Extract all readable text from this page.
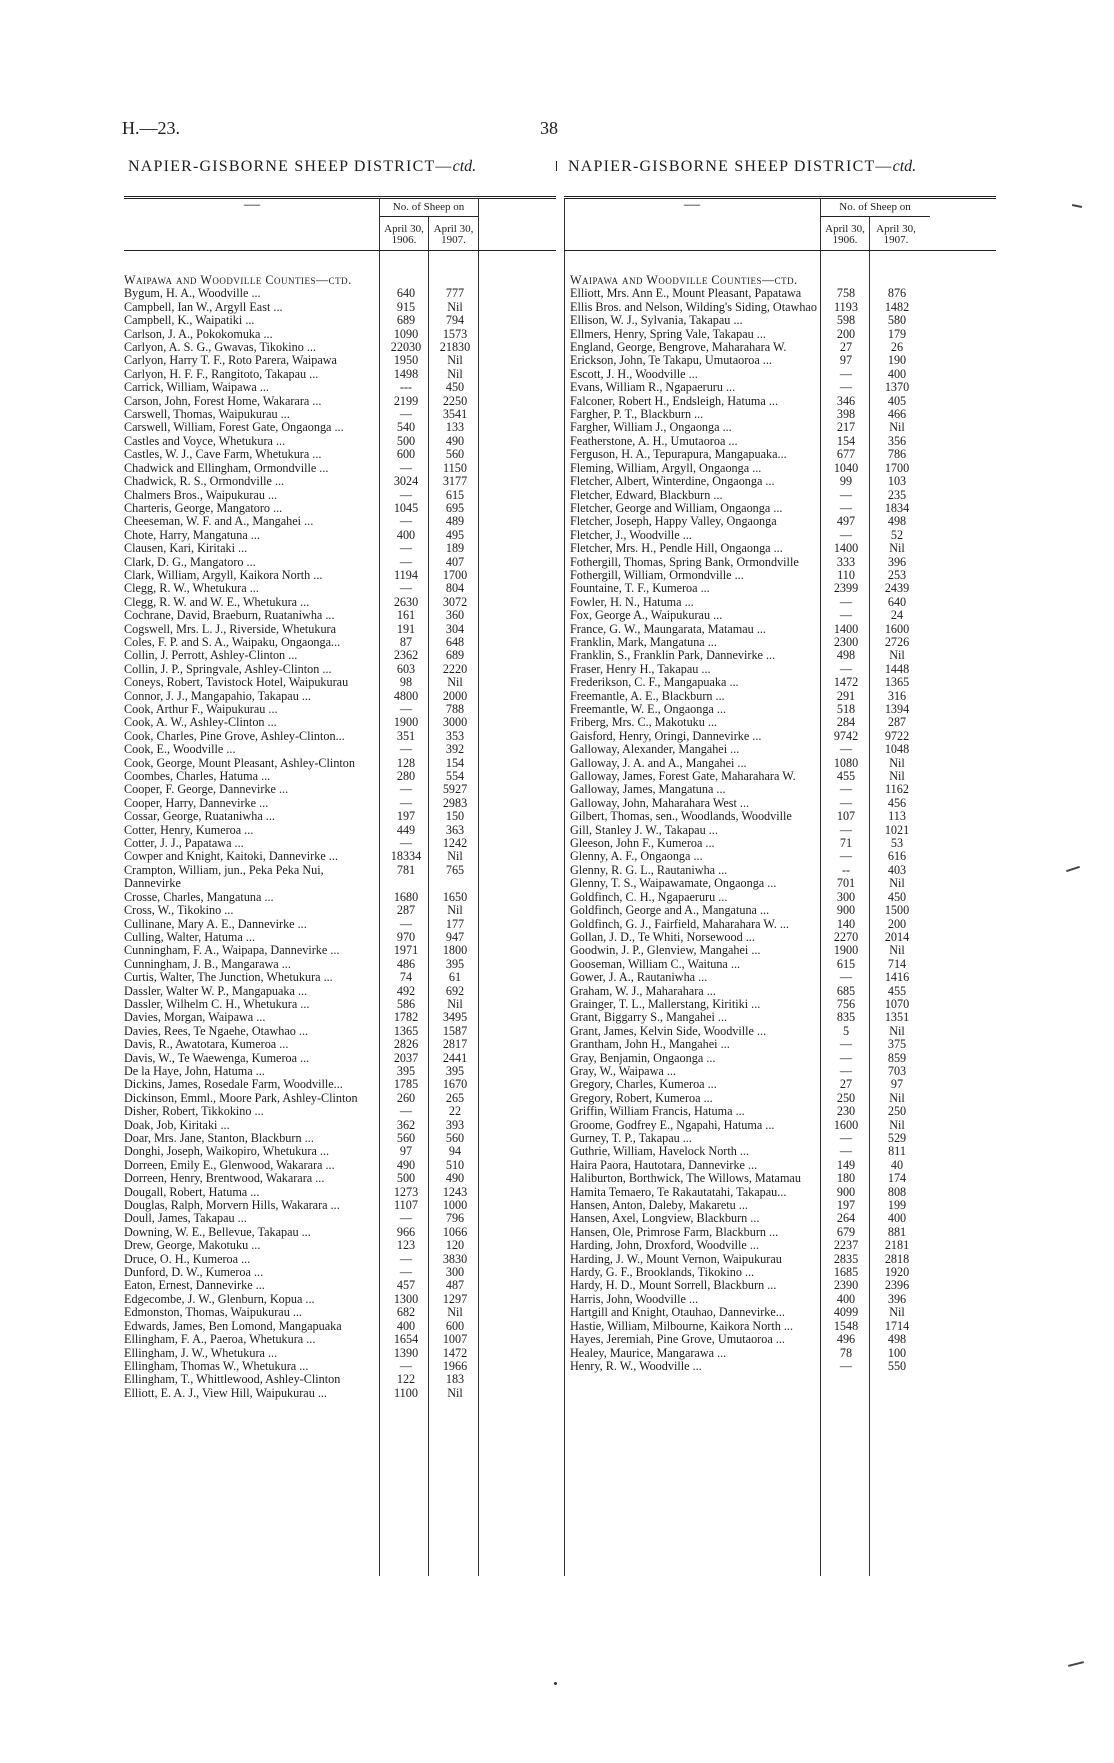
H.—23.	38
NAPIER-GISBORNE SHEEP DISTRICT—ctd.	NAPIER-GISBORNE SHEEP DISTRICT—ctd.
—	No. of Sheep on
April 30, 1906.
April 30, 1907.
Waipawa and Woodville Counties—ctd.		
Bygum, H. A., Woodville ...	640	777
Campbell, Ian W., Argyll East ...	915	Nil
Campbell, K., Waipatiki ...	689	794
Carlson, J. A., Pokokomuka ...	1090	1573
Carlyon, A. S. G., Gwavas, Tikokino ...	22030	21830
Carlyon, Harry T. F., Roto Parera, Waipawa	1950	Nil
Carlyon, H. F. F., Rangitoto, Takapau ...	1498	Nil
Carrick, William, Waipawa ...	---	450
Carson, John, Forest Home, Wakarara ...	2199	2250
Carswell, Thomas, Waipukurau ...	—	3541
Carswell, William, Forest Gate, Ongaonga ...	540	133
Castles and Voyce, Whetukura ...	500	490
Castles, W. J., Cave Farm, Whetukura ...	600	560
Chadwick and Ellingham, Ormondville ...	—	1150
Chadwick, R. S., Ormondville ...	3024	3177
Chalmers Bros., Waipukurau ...	—	615
Charteris, George, Mangatoro ...	1045	695
Cheeseman, W. F. and A., Mangahei ...	—	489
Chote, Harry, Mangatuna ...	400	495
Clausen, Kari, Kiritaki ...	—	189
Clark, D. G., Mangatoro ...	—	407
Clark, William, Argyll, Kaikora North ...	1194	1700
Clegg, R. W., Whetukura ...	—	804
Clegg, R. W. and W. E., Whetukura ...	2630	3072
Cochrane, David, Braeburn, Ruataniwha ...	161	360
Cogswell, Mrs. L. J., Riverside, Whetukura	191	304
Coles, F. P. and S. A., Waipaku, Ongaonga...	87	648
Collin, J. Perrott, Ashley-Clinton ...	2362	689
Collin, J. P., Springvale, Ashley-Clinton ...	603	2220
Coneys, Robert, Tavistock Hotel, Waipukurau	98	Nil
Connor, J. J., Mangapahio, Takapau ...	4800	2000
Cook, Arthur F., Waipukurau ...	—	788
Cook, A. W., Ashley-Clinton ...	1900	3000
Cook, Charles, Pine Grove, Ashley-Clinton...	351	353
Cook, E., Woodville ...	—	392
Cook, George, Mount Pleasant, Ashley-Clinton	128	154
Coombes, Charles, Hatuma ...	280	554
Cooper, F. George, Dannevirke ...	—	5927
Cooper, Harry, Dannevirke ...	—	2983
Cossar, George, Ruataniwha ...	197	150
Cotter, Henry, Kumeroa ...	449	363
Cotter, J. J., Papatawa ...	—	1242
Cowper and Knight, Kaitoki, Dannevirke ...	18334	Nil
Crampton, William, jun., Peka Peka Nui, Dannevirke	781	765
Crosse, Charles, Mangatuna ...	1680	1650
Cross, W., Tikokino ...	287	Nil
Cullinane, Mary A. E., Dannevirke ...	—	177
Culling, Walter, Hatuma ...	970	947
Cunningham, F. A., Waipapa, Dannevirke ...	1971	1800
Cunningham, J. B., Mangarawa ...	486	395
Curtis, Walter, The Junction, Whetukura ...	74	61
Dassler, Walter W. P., Mangapuaka ...	492	692
Dassler, Wilhelm C. H., Whetukura ...	586	Nil
Davies, Morgan, Waipawa ...	1782	3495
Davies, Rees, Te Ngaehe, Otawhao ...	1365	1587
Davis, R., Awatotara, Kumeroa ...	2826	2817
Davis, W., Te Waewenga, Kumeroa ...	2037	2441
De la Haye, John, Hatuma ...	395	395
Dickins, James, Rosedale Farm, Woodville...	1785	1670
Dickinson, Emml., Moore Park, Ashley-Clinton	260	265
Disher, Robert, Tikkokino ...	—	22
Doak, Job, Kiritaki ...	362	393
Doar, Mrs. Jane, Stanton, Blackburn ...	560	560
Donghi, Joseph, Waikopiro, Whetukura ...	97	94
Dorreen, Emily E., Glenwood, Wakarara ...	490	510
Dorreen, Henry, Brentwood, Wakarara ...	500	490
Dougall, Robert, Hatuma ...	1273	1243
Douglas, Ralph, Morvern Hills, Wakarara ...	1107	1000
Doull, James, Takapau ...	—	796
Downing, W. E., Bellevue, Takapau ...	966	1066
Drew, George, Makotuku ...	123	120
Druce, O. H., Kumeroa ...	—	3830
Dunford, D. W., Kumeroa ...	—	300
Eaton, Ernest, Dannevirke ...	457	487
Edgecombe, J. W., Glenburn, Kopua ...	1300	1297
Edmonston, Thomas, Waipukurau ...	682	Nil
Edwards, James, Ben Lomond, Mangapuaka	400	600
Ellingham, F. A., Paeroa, Whetukura ...	1654	1007
Ellingham, J. W., Whetukura ...	1390	1472
Ellingham, Thomas W., Whetukura ...	—	1966
Ellingham, T., Whittlewood, Ashley-Clinton	122	183
Elliott, E. A. J., View Hill, Waipukurau ...	1100	Nil
—	No. of Sheep on
April 30, 1906.
April 30, 1907.
Waipawa and Woodville Counties—ctd.		
Elliott, Mrs. Ann E., Mount Pleasant, Papatawa	758	876
Ellis Bros. and Nelson, Wilding's Siding, Otawhao	1193	1482
Ellison, W. J., Sylvania, Takapau ...	598	580
Ellmers, Henry, Spring Vale, Takapau ...	200	179
England, George, Bengrove, Maharahara W.	27	26
Erickson, John, Te Takapu, Umutaoroa ...	97	190
Escott, J. H., Woodville ...	—	400
Evans, William R., Ngapaeruru ...	—	1370
Falconer, Robert H., Endsleigh, Hatuma ...	346	405
Fargher, P. T., Blackburn ...	398	466
Fargher, William J., Ongaonga ...	217	Nil
Featherstone, A. H., Umutaoroa ...	154	356
Ferguson, H. A., Tepurapura, Mangapuaka...	677	786
Fleming, William, Argyll, Ongaonga ...	1040	1700
Fletcher, Albert, Winterdine, Ongaonga ...	99	103
Fletcher, Edward, Blackburn ...	—	235
Fletcher, George and William, Ongaonga ...	—	1834
Fletcher, Joseph, Happy Valley, Ongaonga	497	498
Fletcher, J., Woodville ...	—	52
Fletcher, Mrs. H., Pendle Hill, Ongaonga ...	1400	Nil
Fothergill, Thomas, Spring Bank, Ormondville	333	396
Fothergill, William, Ormondville ...	110	253
Fountaine, T. F., Kumeroa ...	2399	2439
Fowler, H. N., Hatuma ...	—	640
Fox, George A., Waipukurau ...	—	24
France, G. W., Maungarata, Matamau ...	1400	1600
Franklin, Mark, Mangatuna ...	2300	2726
Franklin, S., Franklin Park, Dannevirke ...	498	Nil
Fraser, Henry H., Takapau ...	—	1448
Frederikson, C. F., Mangapuaka ...	1472	1365
Freemantle, A. E., Blackburn ...	291	316
Freemantle, W. E., Ongaonga ...	518	1394
Friberg, Mrs. C., Makotuku ...	284	287
Gaisford, Henry, Oringi, Dannevirke ...	9742	9722
Galloway, Alexander, Mangahei ...	—	1048
Galloway, J. A. and A., Mangahei ...	1080	Nil
Galloway, James, Forest Gate, Maharahara W.	455	Nil
Galloway, James, Mangatuna ...	—	1162
Galloway, John, Maharahara West ...	—	456
Gilbert, Thomas, sen., Woodlands, Woodville	107	113
Gill, Stanley J. W., Takapau ...	—	1021
Gleeson, John F., Kumeroa ...	71	53
Glenny, A. F., Ongaonga ...	—	616
Glenny, R. G. L., Rautaniwha ...	--	403
Glenny, T. S., Waipawamate, Ongaonga ...	701	Nil
Goldfinch, C. H., Ngapaeruru ...	300	450
Goldfinch, George and A., Mangatuna ...	900	1500
Goldfinch, G. J., Fairfield, Maharahara W. ...	140	200
Gollan, J. D., Te Whiti, Norsewood ...	2270	2014
Goodwin, J. P., Glenview, Mangahei ...	1900	Nil
Gooseman, William C., Waituna ...	615	714
Gower, J. A., Rautaniwha ...	—	1416
Graham, W. J., Maharahara ...	685	455
Grainger, T. L., Mallerstang, Kiritiki ...	756	1070
Grant, Biggarry S., Mangahei ...	835	1351
Grant, James, Kelvin Side, Woodville ...	5	Nil
Grantham, John H., Mangahei ...	—	375
Gray, Benjamin, Ongaonga ...	—	859
Gray, W., Waipawa ...	—	703
Gregory, Charles, Kumeroa ...	27	97
Gregory, Robert, Kumeroa ...	250	Nil
Griffin, William Francis, Hatuma ...	230	250
Groome, Godfrey E., Ngapahi, Hatuma ...	1600	Nil
Gurney, T. P., Takapau ...	—	529
Guthrie, William, Havelock North ...	—	811
Haira Paora, Hautotara, Dannevirke ...	149	40
Haliburton, Borthwick, The Willows, Matamau	180	174
Hamita Temaero, Te Rakautatahi, Takapau...	900	808
Hansen, Anton, Daleby, Makaretu ...	197	199
Hansen, Axel, Longview, Blackburn ...	264	400
Hansen, Ole, Primrose Farm, Blackburn ...	679	881
Harding, John, Droxford, Woodville ...	2237	2181
Harding, J. W., Mount Vernon, Waipukurau	2835	2818
Hardy, G. F., Brooklands, Tikokino ...	1685	1920
Hardy, H. D., Mount Sorrell, Blackburn ...	2390	2396
Harris, John, Woodville ...	400	396
Hartgill and Knight, Otauhao, Dannevirke...	4099	Nil
Hastie, William, Milbourne, Kaikora North ...	1548	1714
Hayes, Jeremiah, Pine Grove, Umutaoroa ...	496	498
Healey, Maurice, Mangarawa ...	78	100
Henry, R. W., Woodville ...	—	550
